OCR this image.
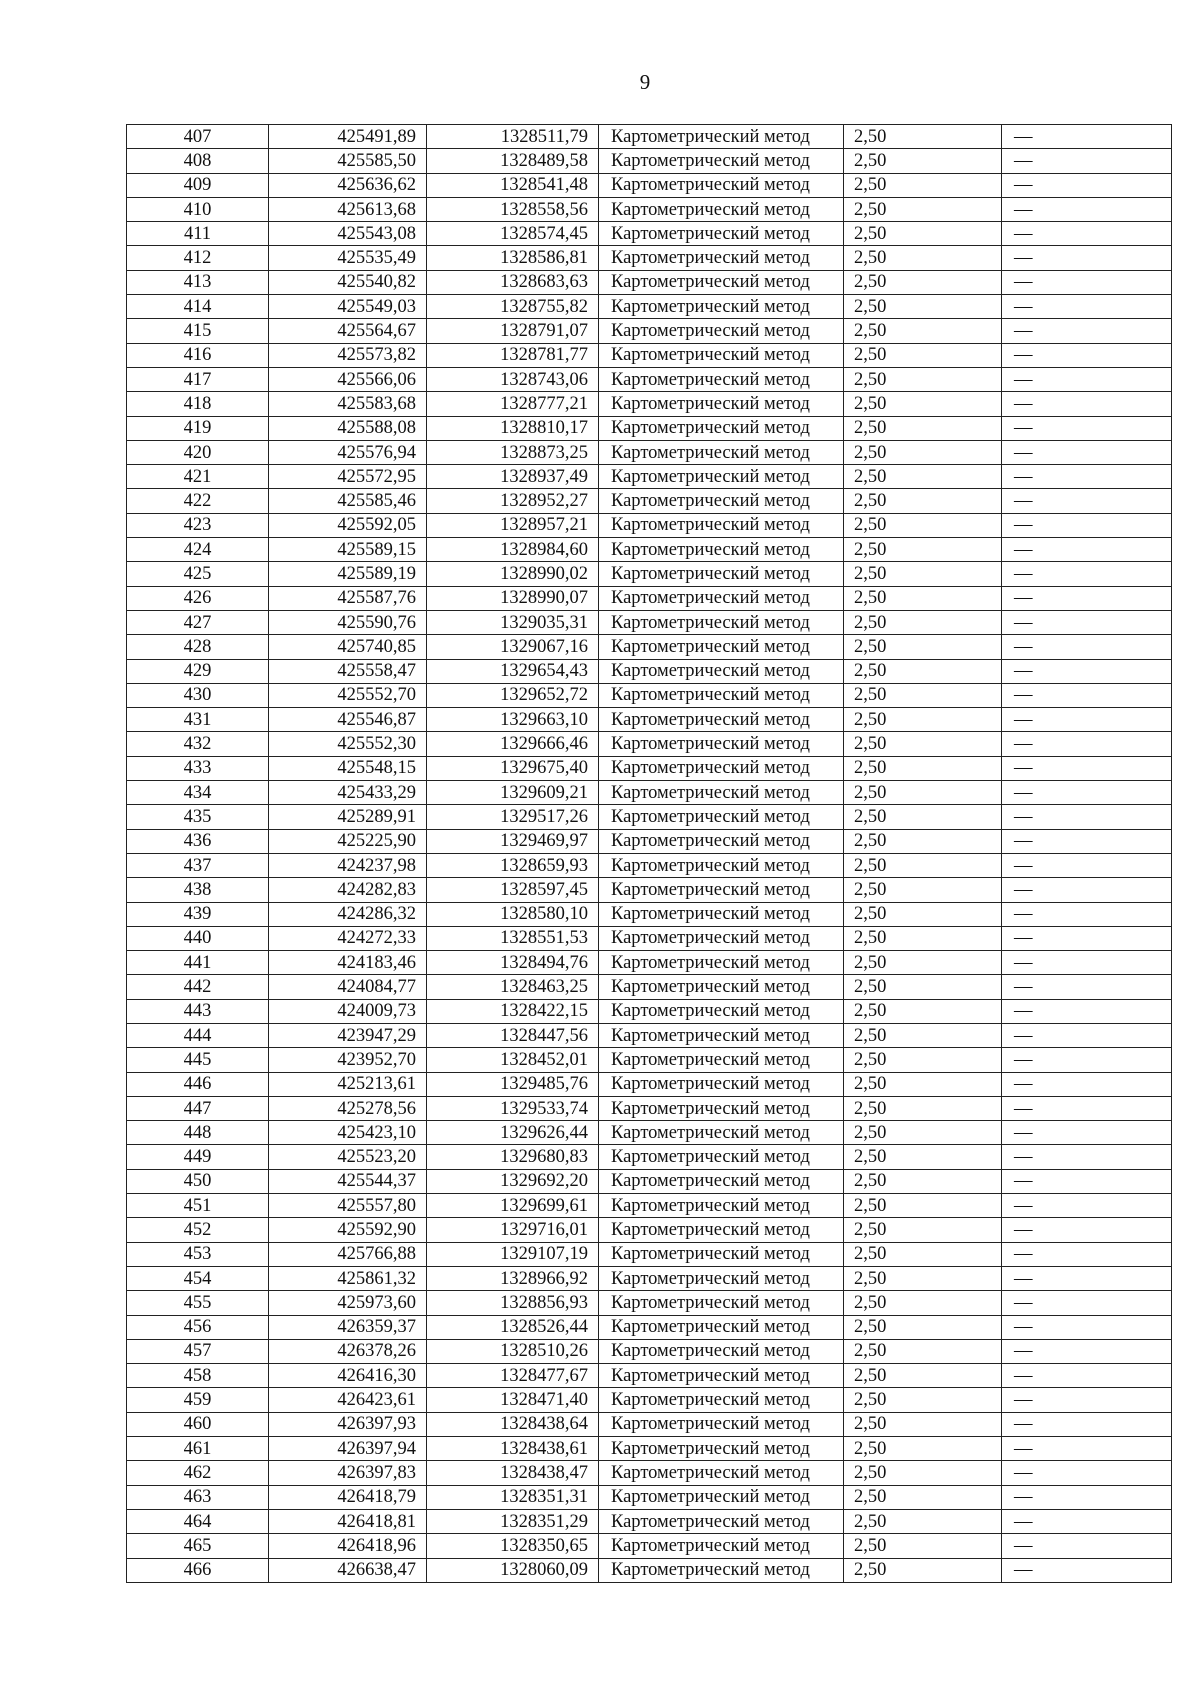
9
407	425491,89	1328511,79	Картометрический метод	2,50	—
408	425585,50	1328489,58	Картометрический метод	2,50	—
409	425636,62	1328541,48	Картометрический метод	2,50	—
410	425613,68	1328558,56	Картометрический метод	2,50	—
411	425543,08	1328574,45	Картометрический метод	2,50	—
412	425535,49	1328586,81	Картометрический метод	2,50	—
413	425540,82	1328683,63	Картометрический метод	2,50	—
414	425549,03	1328755,82	Картометрический метод	2,50	—
415	425564,67	1328791,07	Картометрический метод	2,50	—
416	425573,82	1328781,77	Картометрический метод	2,50	—
417	425566,06	1328743,06	Картометрический метод	2,50	—
418	425583,68	1328777,21	Картометрический метод	2,50	—
419	425588,08	1328810,17	Картометрический метод	2,50	—
420	425576,94	1328873,25	Картометрический метод	2,50	—
421	425572,95	1328937,49	Картометрический метод	2,50	—
422	425585,46	1328952,27	Картометрический метод	2,50	—
423	425592,05	1328957,21	Картометрический метод	2,50	—
424	425589,15	1328984,60	Картометрический метод	2,50	—
425	425589,19	1328990,02	Картометрический метод	2,50	—
426	425587,76	1328990,07	Картометрический метод	2,50	—
427	425590,76	1329035,31	Картометрический метод	2,50	—
428	425740,85	1329067,16	Картометрический метод	2,50	—
429	425558,47	1329654,43	Картометрический метод	2,50	—
430	425552,70	1329652,72	Картометрический метод	2,50	—
431	425546,87	1329663,10	Картометрический метод	2,50	—
432	425552,30	1329666,46	Картометрический метод	2,50	—
433	425548,15	1329675,40	Картометрический метод	2,50	—
434	425433,29	1329609,21	Картометрический метод	2,50	—
435	425289,91	1329517,26	Картометрический метод	2,50	—
436	425225,90	1329469,97	Картометрический метод	2,50	—
437	424237,98	1328659,93	Картометрический метод	2,50	—
438	424282,83	1328597,45	Картометрический метод	2,50	—
439	424286,32	1328580,10	Картометрический метод	2,50	—
440	424272,33	1328551,53	Картометрический метод	2,50	—
441	424183,46	1328494,76	Картометрический метод	2,50	—
442	424084,77	1328463,25	Картометрический метод	2,50	—
443	424009,73	1328422,15	Картометрический метод	2,50	—
444	423947,29	1328447,56	Картометрический метод	2,50	—
445	423952,70	1328452,01	Картометрический метод	2,50	—
446	425213,61	1329485,76	Картометрический метод	2,50	—
447	425278,56	1329533,74	Картометрический метод	2,50	—
448	425423,10	1329626,44	Картометрический метод	2,50	—
449	425523,20	1329680,83	Картометрический метод	2,50	—
450	425544,37	1329692,20	Картометрический метод	2,50	—
451	425557,80	1329699,61	Картометрический метод	2,50	—
452	425592,90	1329716,01	Картометрический метод	2,50	—
453	425766,88	1329107,19	Картометрический метод	2,50	—
454	425861,32	1328966,92	Картометрический метод	2,50	—
455	425973,60	1328856,93	Картометрический метод	2,50	—
456	426359,37	1328526,44	Картометрический метод	2,50	—
457	426378,26	1328510,26	Картометрический метод	2,50	—
458	426416,30	1328477,67	Картометрический метод	2,50	—
459	426423,61	1328471,40	Картометрический метод	2,50	—
460	426397,93	1328438,64	Картометрический метод	2,50	—
461	426397,94	1328438,61	Картометрический метод	2,50	—
462	426397,83	1328438,47	Картометрический метод	2,50	—
463	426418,79	1328351,31	Картометрический метод	2,50	—
464	426418,81	1328351,29	Картометрический метод	2,50	—
465	426418,96	1328350,65	Картометрический метод	2,50	—
466	426638,47	1328060,09	Картометрический метод	2,50	—
